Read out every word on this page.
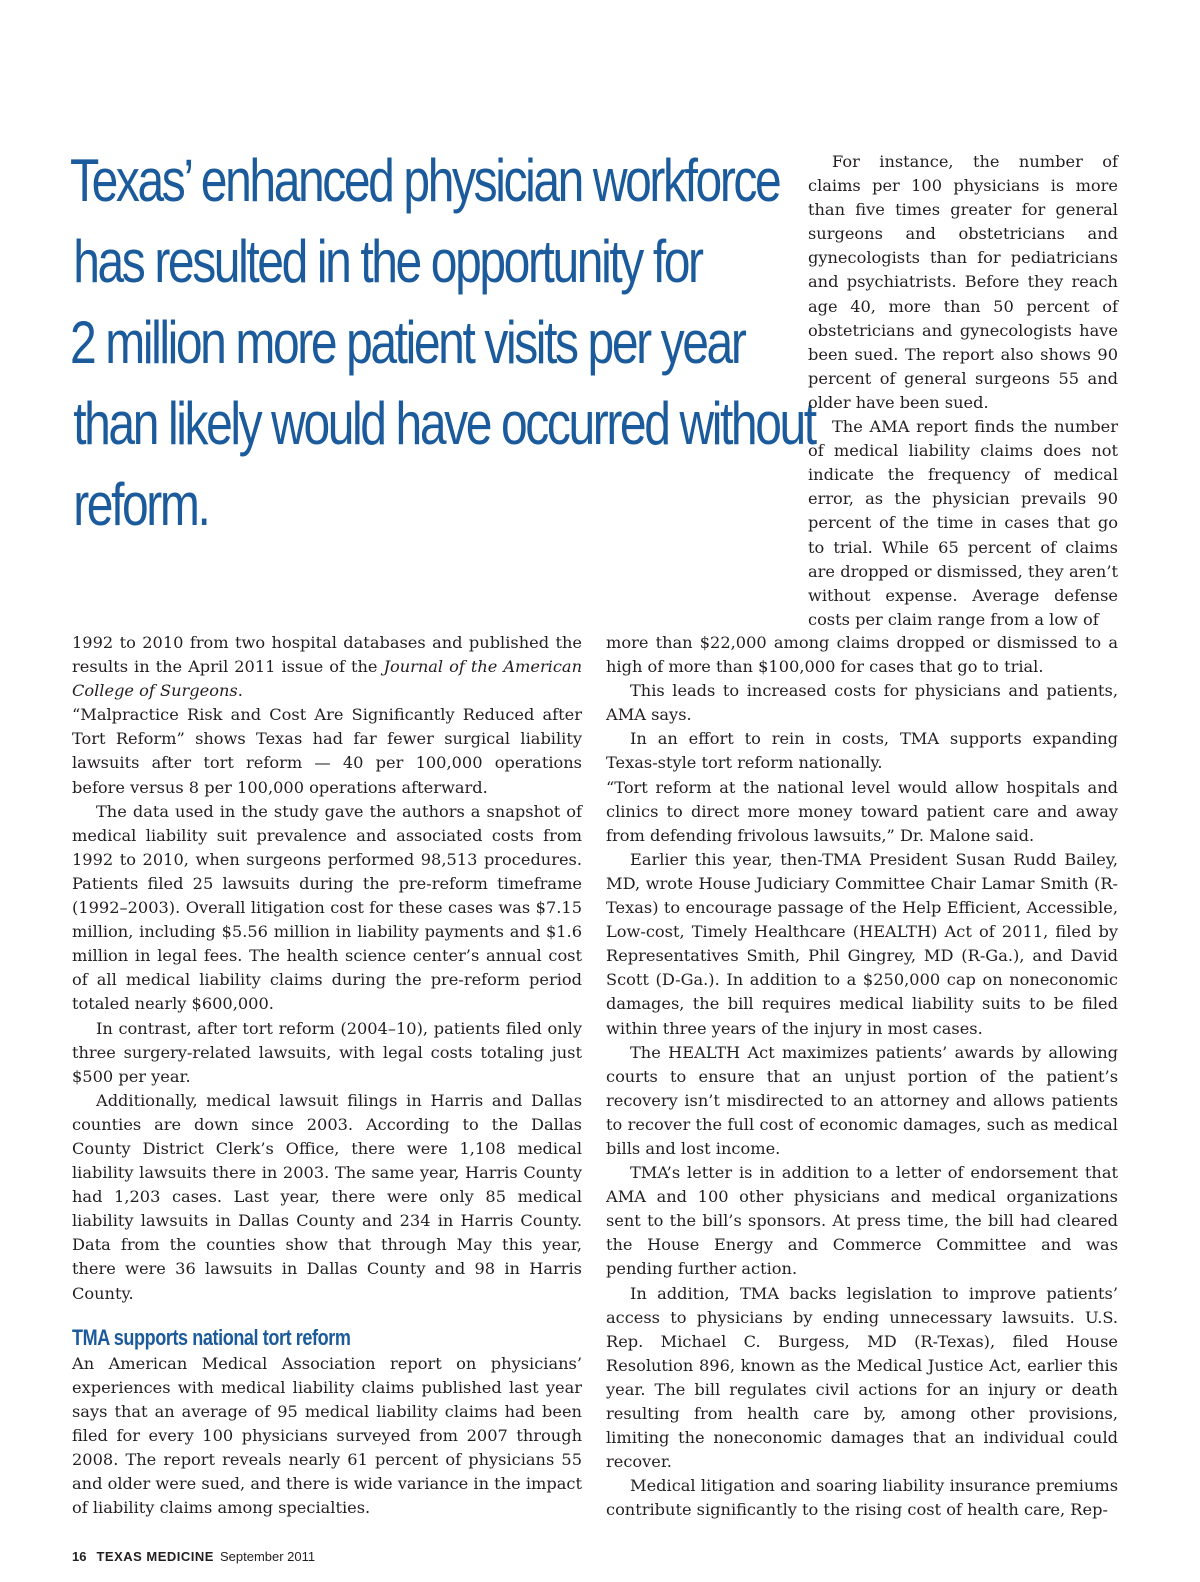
Texas’ enhanced physician workforce
has resulted in the opportunity for
2 million more patient visits per year
than likely would have occurred without
reform.

For instance, the number of claims per 100 physicians is more than five times greater for general surgeons and obstetricians and gynecologists than for pediatricians and psychiatrists. Before they reach age 40, more than 50 percent of obstetricians and gynecologists have been sued. The report also shows 90 percent of general surgeons 55 and older have been sued.

The AMA report finds the number of medical liability claims does not indicate the frequency of medical error, as the physician prevails 90 percent of the time in cases that go to trial. While 65 percent of claims are dropped or dismissed, they aren’t without expense. Average defense costs per claim range from a low of

1992 to 2010 from two hospital databases and published the results in the April 2011 issue of the Journal of the American College of Surgeons.

“Malpractice Risk and Cost Are Significantly Reduced after Tort Reform” shows Texas had far fewer surgical liability lawsuits after tort reform — 40 per 100,000 operations before versus 8 per 100,000 operations afterward.

The data used in the study gave the authors a snapshot of medical liability suit prevalence and associated costs from 1992 to 2010, when surgeons performed 98,513 procedures. Patients filed 25 lawsuits during the pre-reform timeframe (1992–2003). Overall litigation cost for these cases was $7.15 million, including $5.56 million in liability payments and $1.6 million in legal fees. The health science center’s annual cost of all medical liability claims during the pre-reform period totaled nearly $600,000.

In contrast, after tort reform (2004–10), patients filed only three surgery-related lawsuits, with legal costs totaling just $500 per year.

Additionally, medical lawsuit filings in Harris and Dallas counties are down since 2003. According to the Dallas County District Clerk’s Office, there were 1,108 medical liability lawsuits there in 2003. The same year, Harris County had 1,203 cases. Last year, there were only 85 medical liability lawsuits in Dallas County and 234 in Harris County. Data from the counties show that through May this year, there were 36 lawsuits in Dallas County and 98 in Harris County.

TMA supports national tort reform

An American Medical Association report on physicians’ experiences with medical liability claims published last year says that an average of 95 medical liability claims had been filed for every 100 physicians surveyed from 2007 through 2008. The report reveals nearly 61 percent of physicians 55 and older were sued, and there is wide variance in the impact of liability claims among specialties.

more than $22,000 among claims dropped or dismissed to a high of more than $100,000 for cases that go to trial.

This leads to increased costs for physicians and patients, AMA says.

In an effort to rein in costs, TMA supports expanding Texas-style tort reform nationally.

“Tort reform at the national level would allow hospitals and clinics to direct more money toward patient care and away from defending frivolous lawsuits,” Dr. Malone said.

Earlier this year, then-TMA President Susan Rudd Bailey, MD, wrote House Judiciary Committee Chair Lamar Smith (R-Texas) to encourage passage of the Help Efficient, Accessible, Low-cost, Timely Healthcare (HEALTH) Act of 2011, filed by Representatives Smith, Phil Gingrey, MD (R-Ga.), and David Scott (D-Ga.). In addition to a $250,000 cap on noneconomic damages, the bill requires medical liability suits to be filed within three years of the injury in most cases.

The HEALTH Act maximizes patients’ awards by allowing courts to ensure that an unjust portion of the patient’s recovery isn’t misdirected to an attorney and allows patients to recover the full cost of economic damages, such as medical bills and lost income.

TMA’s letter is in addition to a letter of endorsement that AMA and 100 other physicians and medical organizations sent to the bill’s sponsors. At press time, the bill had cleared the House Energy and Commerce Committee and was pending further action.

In addition, TMA backs legislation to improve patients’ access to physicians by ending unnecessary lawsuits. U.S. Rep. Michael C. Burgess, MD (R-Texas), filed House Resolution 896, known as the Medical Justice Act, earlier this year. The bill regulates civil actions for an injury or death resulting from health care by, among other provisions, limiting the noneconomic damages that an individual could recover.

Medical litigation and soaring liability insurance premiums contribute significantly to the rising cost of health care, Rep-

16 TEXAS MEDICINE September 2011
